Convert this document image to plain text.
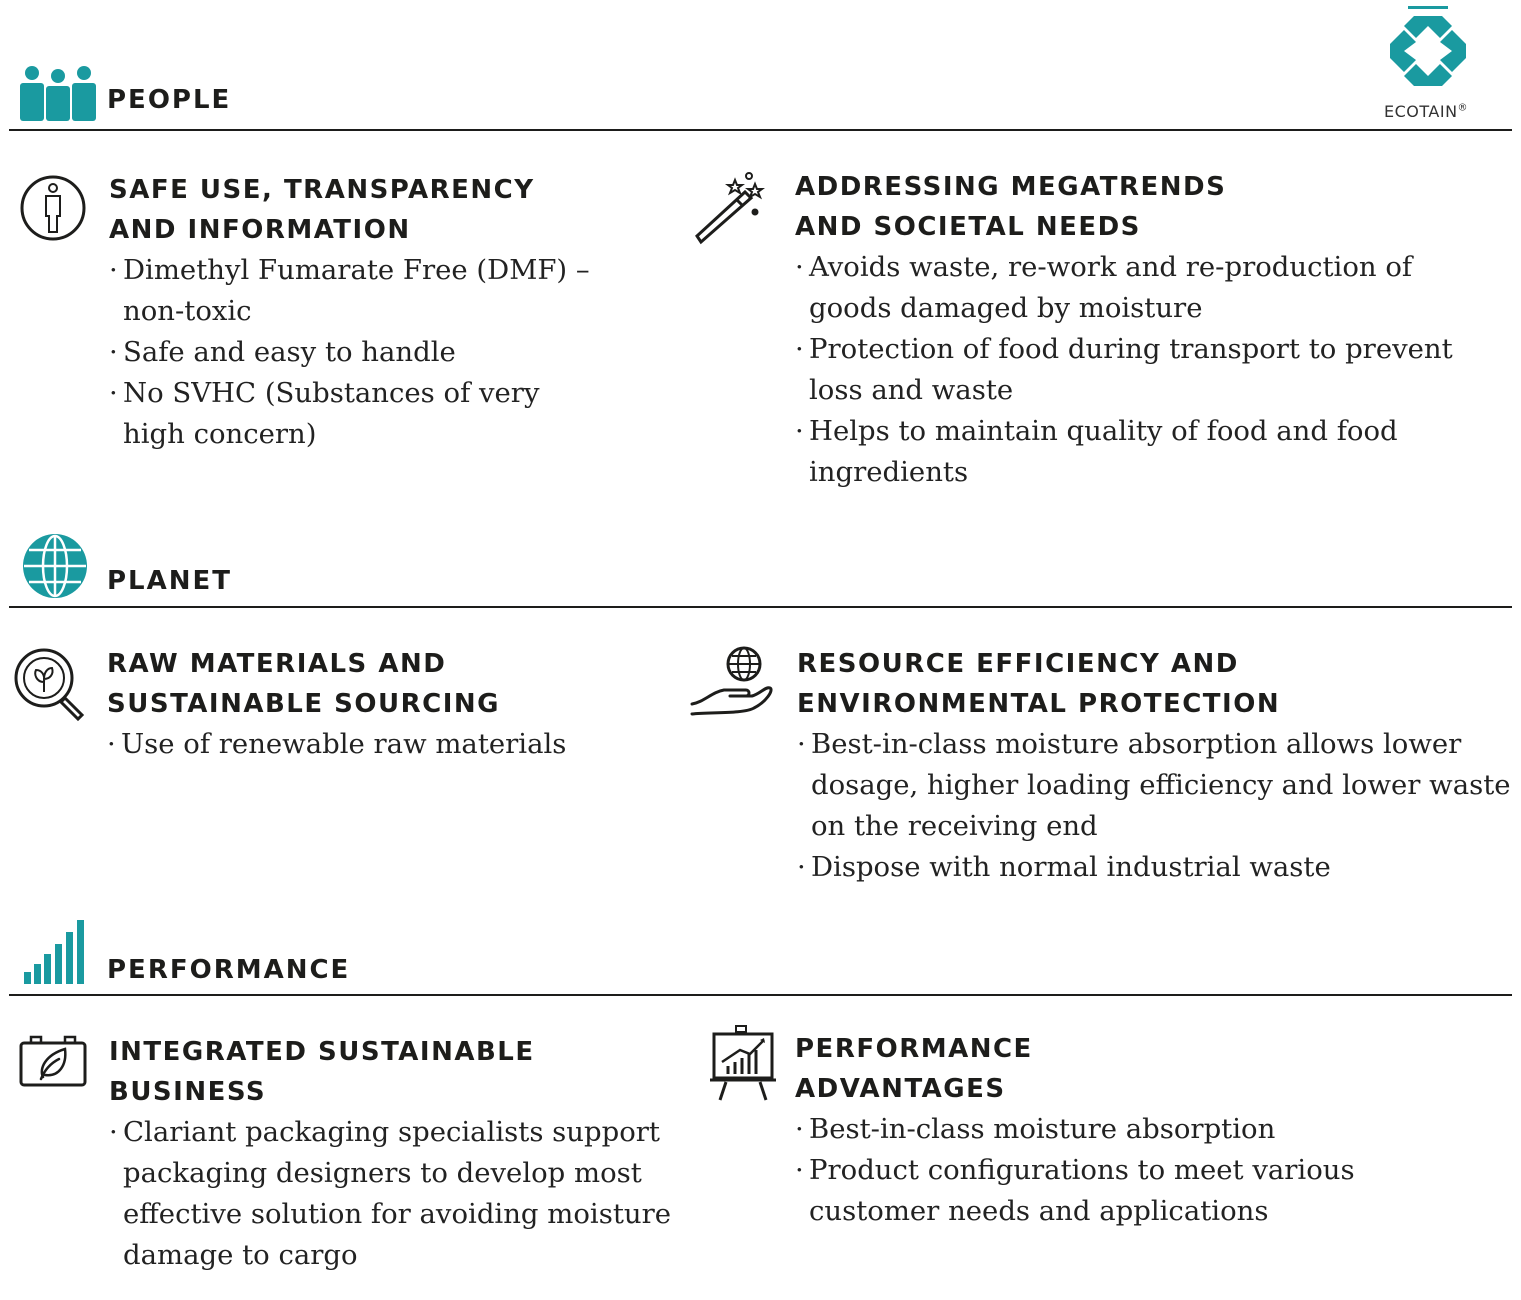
ECOTAIN®
PEOPLE

SAFE USE, TRANSPARENCY

AND INFORMATION

· Dimethyl Fumarate Free (DMF) –
non-toxic
· Safe and easy to handle
· No SVHC (Substances of very
high concern)

ADDRESSING MEGATRENDS

AND SOCIETAL NEEDS

· Avoids waste, re-work and re-production of
goods damaged by moisture
· Protection of food during transport to prevent
loss and waste
· Helps to maintain quality of food and food
ingredients
PLANET

RAW MATERIALS AND

SUSTAINABLE SOURCING

· Use of renewable raw materials

RESOURCE EFFICIENCY AND

ENVIRONMENTAL PROTECTION

· Best-in-class moisture absorption allows lower
dosage, higher loading efficiency and lower waste
on the receiving end
· Dispose with normal industrial waste
PERFORMANCE

INTEGRATED SUSTAINABLE

BUSINESS

· Clariant packaging specialists support
packaging designers to develop most
effective solution for avoiding moisture
damage to cargo

PERFORMANCE

ADVANTAGES

· Best-in-class moisture absorption
· Product configurations to meet various
customer needs and applications
